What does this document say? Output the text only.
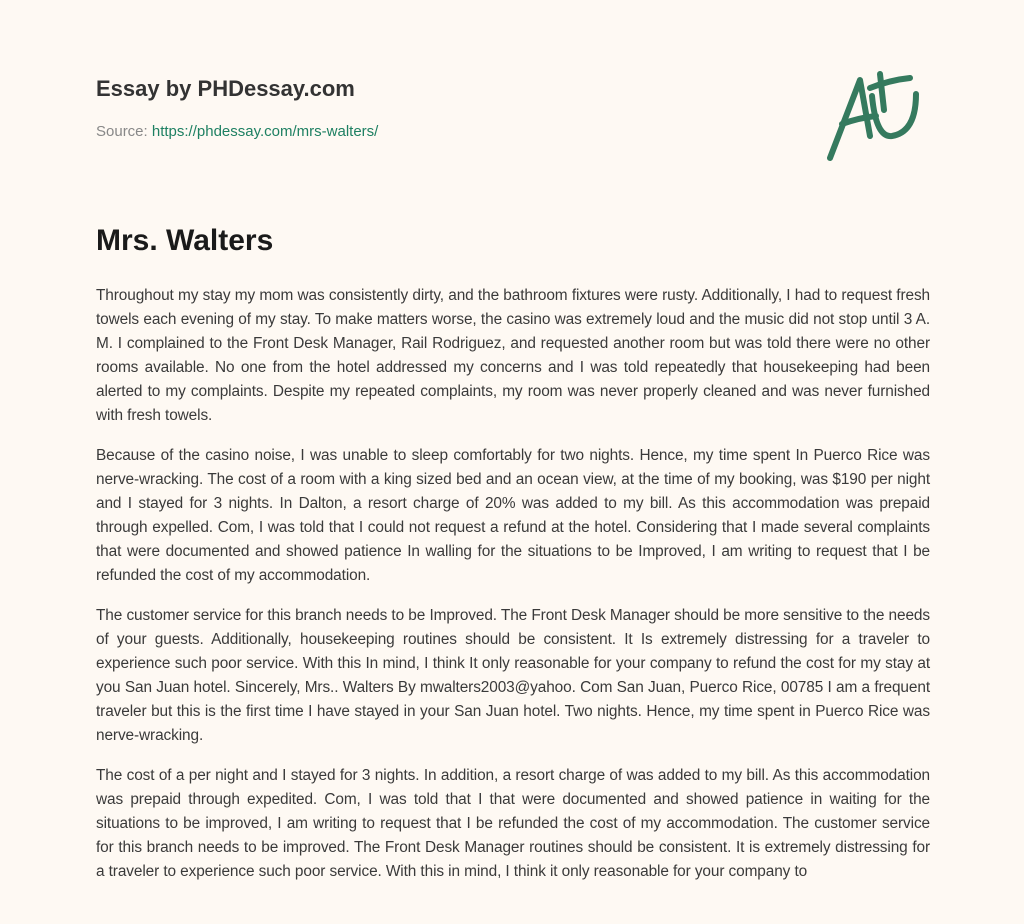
Essay by PHDessay.com
Source: https://phdessay.com/mrs-walters/
Mrs. Walters

Throughout my stay my mom was consistently dirty, and the bathroom fixtures were rusty. Additionally, I had to request fresh towels each evening of my stay. To make matters worse, the casino was extremely loud and the music did not stop until 3 A. M. I complained to the Front Desk Manager, Rail Rodriguez, and requested another room but was told there were no other rooms available. No one from the hotel addressed my concerns and I was told repeatedly that housekeeping had been alerted to my complaints. Despite my repeated complaints, my room was never properly cleaned and was never furnished with fresh towels.

Because of the casino noise, I was unable to sleep comfortably for two nights. Hence, my time spent In Puerco Rice was nerve-wracking. The cost of a room with a king sized bed and an ocean view, at the time of my booking, was $190 per night and I stayed for 3 nights. In Dalton, a resort charge of 20% was added to my bill. As this accommodation was prepaid through expelled. Com, I was told that I could not request a refund at the hotel. Considering that I made several complaints that were documented and showed patience In walling for the situations to be Improved, I am writing to request that I be refunded the cost of my accommodation.

The customer service for this branch needs to be Improved. The Front Desk Manager should be more sensitive to the needs of your guests. Additionally, housekeeping routines should be consistent. It Is extremely distressing for a traveler to experience such poor service. With this In mind, I think It only reasonable for your company to refund the cost for my stay at you San Juan hotel. Sincerely, Mrs.. Walters By mwalters2003@yahoo. Com San Juan, Puerco Rice, 00785 I am a frequent traveler but this is the first time I have stayed in your San Juan hotel. Two nights. Hence, my time spent in Puerco Rice was nerve-wracking.

The cost of a per night and I stayed for 3 nights. In addition, a resort charge of was added to my bill. As this accommodation was prepaid through expedited. Com, I was told that I that were documented and showed patience in waiting for the situations to be improved, I am writing to request that I be refunded the cost of my accommodation. The customer service for this branch needs to be improved. The Front Desk Manager routines should be consistent. It is extremely distressing for a traveler to experience such poor service. With this in mind, I think it only reasonable for your company to
